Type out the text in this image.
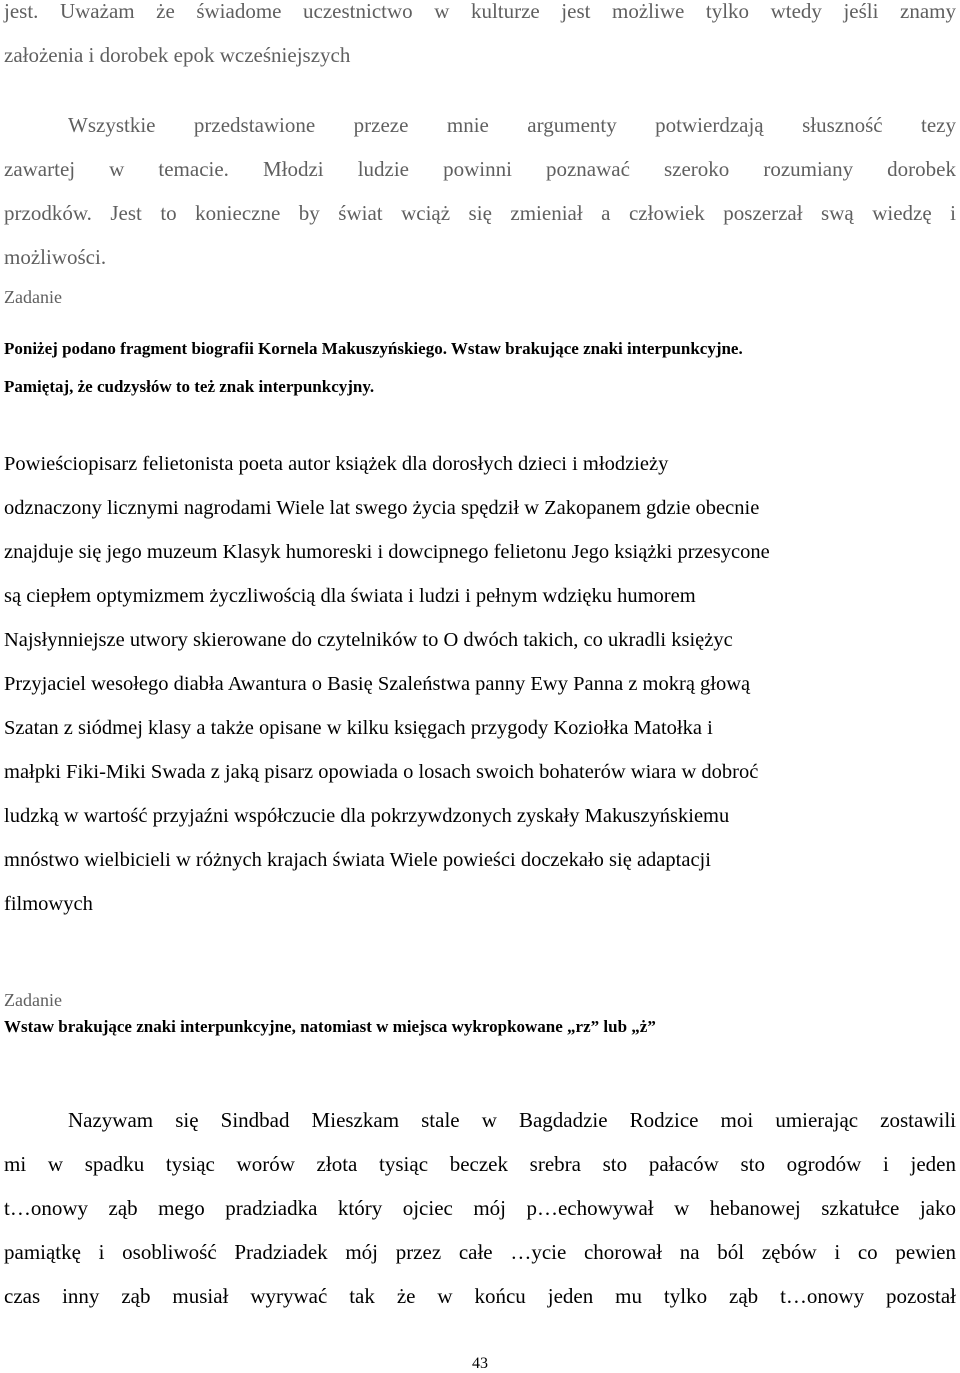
jest. Uważam że świadome uczestnictwo w kulturze jest możliwe tylko wtedy jeśli znamy
założenia i dorobek epok wcześniejszych
Wszystkie przedstawione przeze mnie argumenty potwierdzają słuszność tezy
zawartej w temacie. Młodzi ludzie powinni poznawać szeroko rozumiany dorobek
przodków. Jest to konieczne by świat wciąż się zmieniał a człowiek poszerzał swą wiedzę i
możliwości.
Zadanie
Poniżej podano fragment biografii Kornela Makuszyńskiego. Wstaw brakujące znaki interpunkcyjne.
Pamiętaj, że cudzysłów to też znak interpunkcyjny.
Powieściopisarz felietonista poeta autor książek dla dorosłych dzieci i młodzieży
odznaczony licznymi nagrodami Wiele lat swego życia spędził w Zakopanem gdzie obecnie
znajduje się jego muzeum Klasyk humoreski i dowcipnego felietonu Jego książki przesycone
są ciepłem optymizmem życzliwością dla świata i ludzi i pełnym wdzięku humorem
Najsłynniejsze utwory skierowane do czytelników to O dwóch takich, co ukradli księżyc
Przyjaciel wesołego diabła Awantura o Basię Szaleństwa panny Ewy Panna z mokrą głową
Szatan z siódmej klasy a także opisane w kilku księgach przygody Koziołka Matołka i
małpki Fiki-Miki Swada z jaką pisarz opowiada o losach swoich bohaterów wiara w dobroć
ludzką w wartość przyjaźni współczucie dla pokrzywdzonych zyskały Makuszyńskiemu
mnóstwo wielbicieli w różnych krajach świata Wiele powieści doczekało się adaptacji
filmowych
Zadanie
Wstaw brakujące znaki interpunkcyjne, natomiast w miejsca wykropkowane „rz” lub „ż”
Nazywam się Sindbad Mieszkam stale w Bagdadzie Rodzice moi umierając zostawili
mi w spadku tysiąc worów złota tysiąc beczek srebra sto pałaców sto ogrodów i jeden
t…onowy ząb mego pradziadka który ojciec mój p…echowywał w hebanowej szkatułce jako
pamiątkę i osobliwość Pradziadek mój przez całe …ycie chorował na ból zębów i co pewien
czas inny ząb musiał wyrywać tak że w końcu jeden mu tylko ząb t…onowy pozostał
43
